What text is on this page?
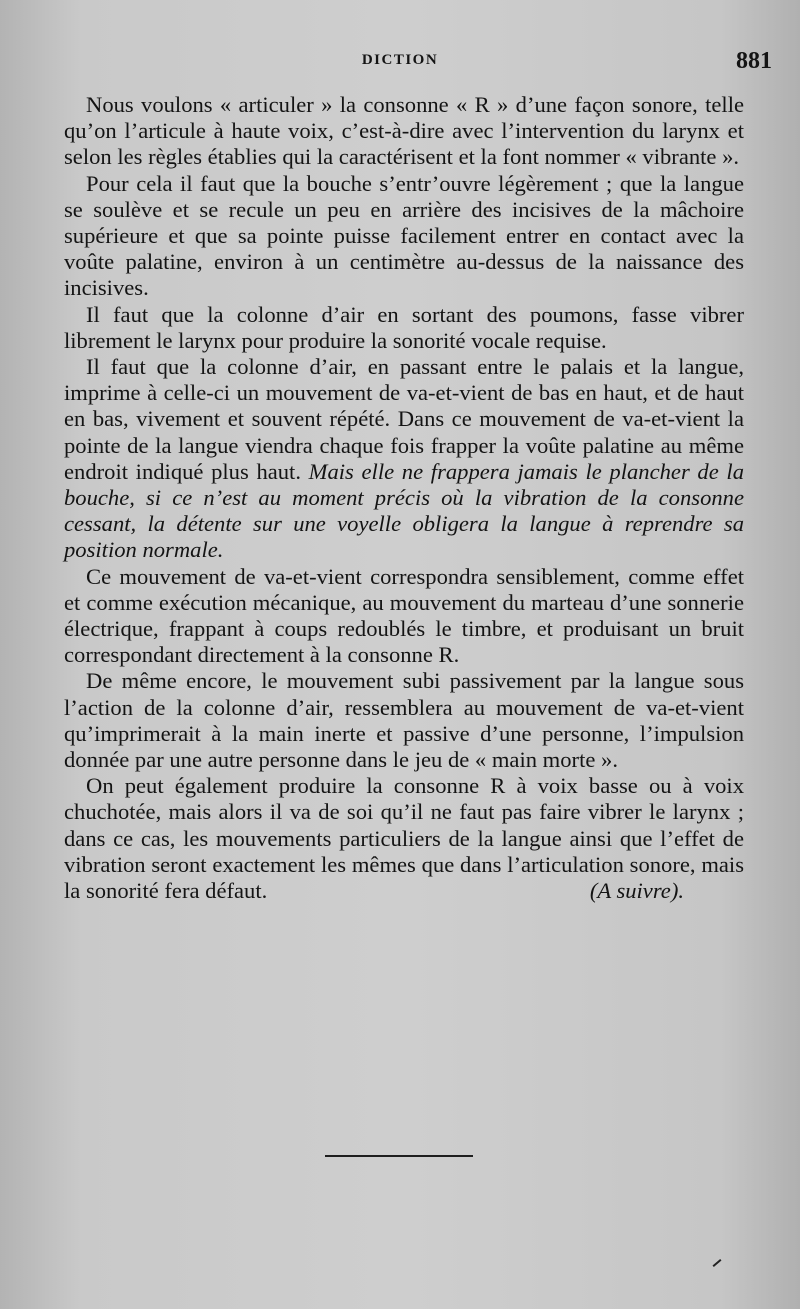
DICTION	881

Nous voulons « articuler » la consonne « R » d’une façon sonore, telle qu’on l’articule à haute voix, c’est-à-dire avec l’intervention du larynx et selon les règles établies qui la caractérisent et la font nommer « vibrante ».

Pour cela il faut que la bouche s’entr’ouvre légèrement ; que la langue se soulève et se recule un peu en arrière des incisives de la mâchoire supérieure et que sa pointe puisse facilement entrer en contact avec la voûte palatine, environ à un centimètre au-dessus de la naissance des incisives.

Il faut que la colonne d’air en sortant des poumons, fasse vibrer librement le larynx pour produire la sonorité vocale requise.

Il faut que la colonne d’air, en passant entre le palais et la langue, imprime à celle-ci un mouvement de va-et-vient de bas en haut, et de haut en bas, vivement et souvent répété. Dans ce mouvement de va-et-vient la pointe de la langue viendra chaque fois frapper la voûte palatine au même endroit indiqué plus haut. Mais elle ne frappera jamais le plancher de la bouche, si ce n’est au moment précis où la vibration de la consonne cessant, la détente sur une voyelle obligera la langue à reprendre sa position normale.

Ce mouvement de va-et-vient correspondra sensiblement, comme effet et comme exécution mécanique, au mouvement du marteau d’une sonnerie électrique, frappant à coups redoublés le timbre, et produisant un bruit correspondant directement à la consonne R.

De même encore, le mouvement subi passivement par la langue sous l’action de la colonne d’air, ressemblera au mouvement de va-et-vient qu’imprimerait à la main inerte et passive d’une personne, l’impulsion donnée par une autre personne dans le jeu de « main morte ».

On peut également produire la consonne R à voix basse ou à voix chuchotée, mais alors il va de soi qu’il ne faut pas faire vibrer le larynx ; dans ce cas, les mouvements particuliers de la langue ainsi que l’effet de vibration seront exactement les mêmes que dans l’articulation sonore, mais la sonorité fera défaut.	(A suivre).
